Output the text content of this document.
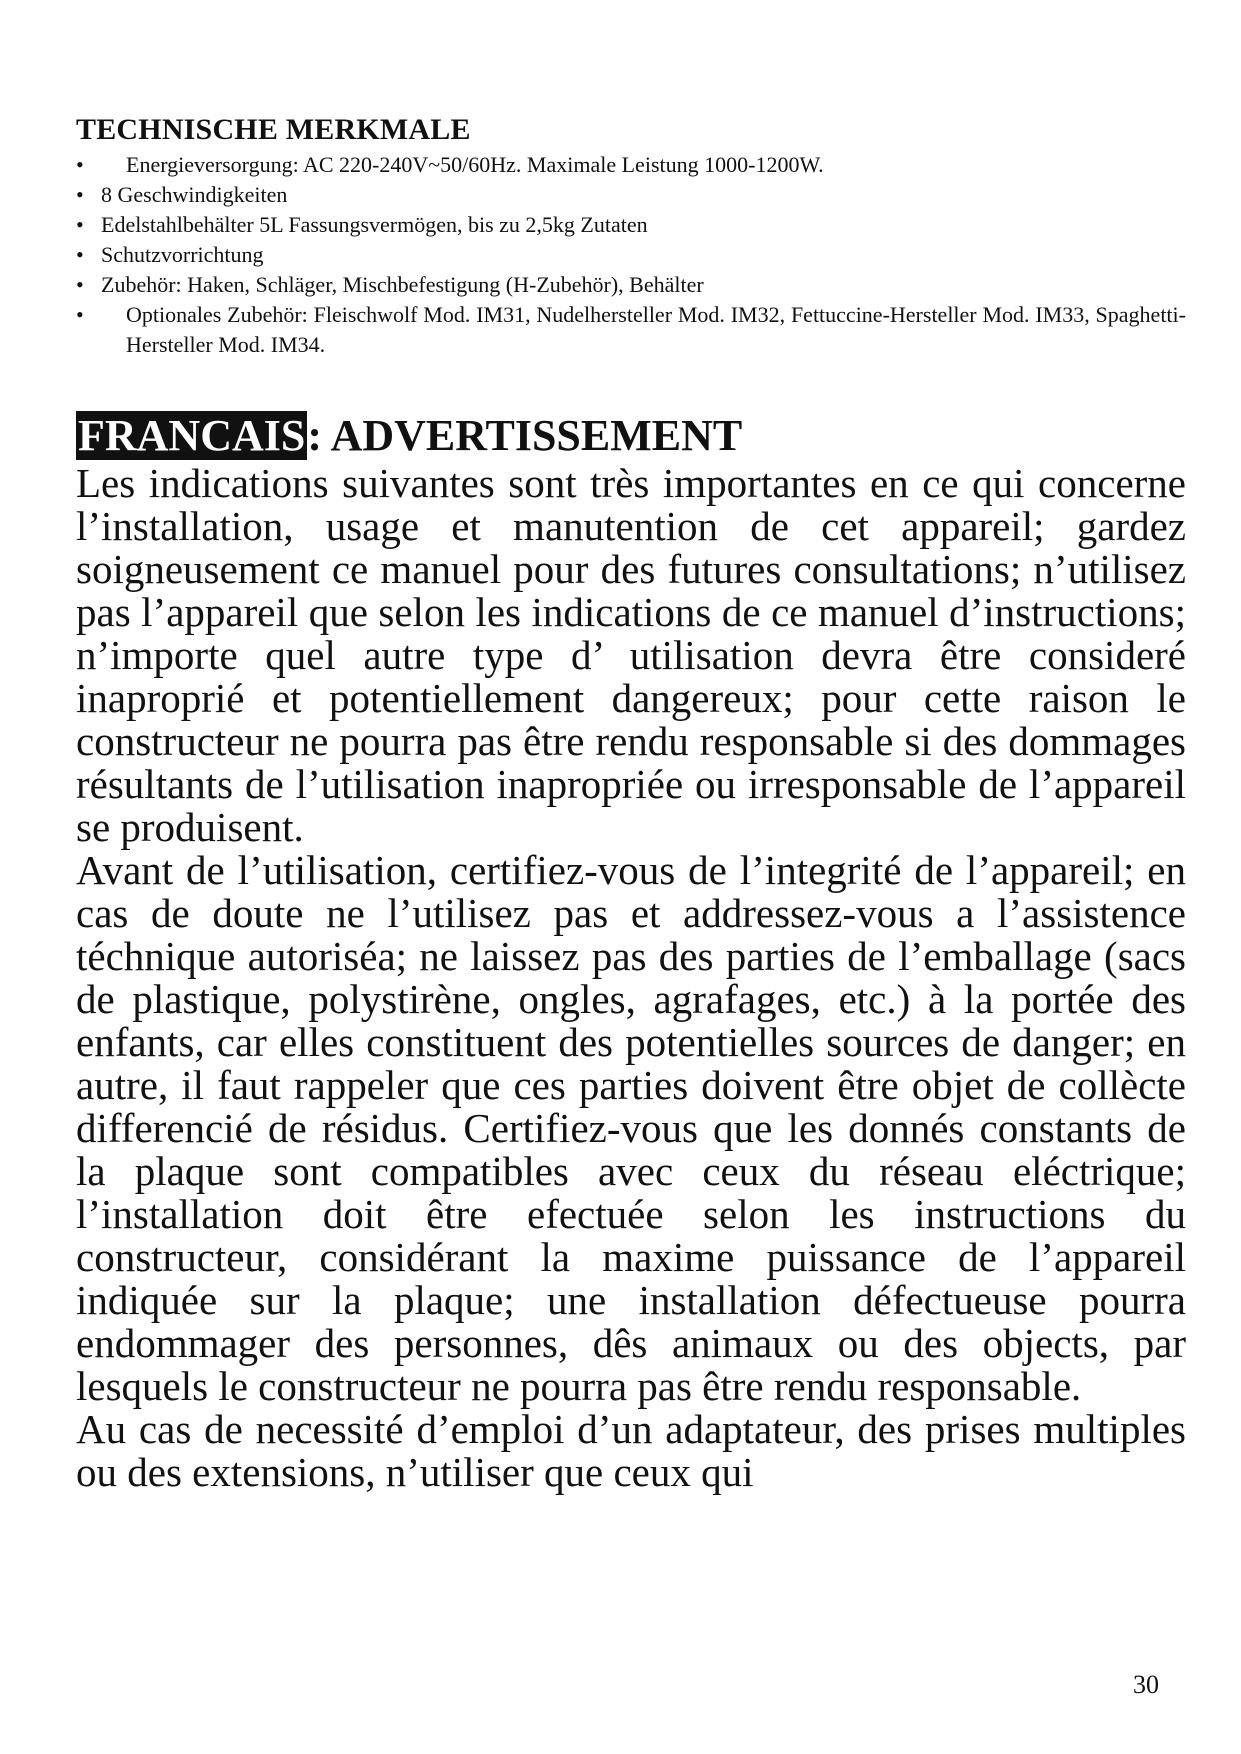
TECHNISCHE MERKMALE
• Energieversorgung: AC 220-240V~50/60Hz. Maximale Leistung 1000-1200W.
• 8 Geschwindigkeiten
• Edelstahlbehälter 5L Fassungsvermögen, bis zu 2,5kg Zutaten
• Schutzvorrichtung
• Zubehör: Haken, Schläger, Mischbefestigung (H-Zubehör), Behälter
• Optionales Zubehör: Fleischwolf Mod. IM31, Nudelhersteller Mod. IM32, Fettuccine-Hersteller Mod. IM33, Spaghetti-Hersteller Mod. IM34.
FRANCAIS: ADVERTISSEMENT

Les indications suivantes sont très importantes en ce qui concerne l’installation, usage et manutention de cet appareil; gardez soigneusement ce manuel pour des futures consultations; n’utilisez pas l’appareil que selon les indications de ce manuel d’instructions; n’importe quel autre type d’ utilisation devra être consideré inaproprié et potentiellement dangereux; pour cette raison le constructeur ne pourra pas être rendu responsable si des dommages résultants de l’utilisation inapropriée ou irresponsable de l’appareil se produisent.

Avant de l’utilisation, certifiez-vous de l’integrité de l’appareil; en cas de doute ne l’utilisez pas et addressez-vous a l’assistence téchnique autoriséa; ne laissez pas des parties de l’emballage (sacs de plastique, polystirène, ongles, agrafages, etc.) à la portée des enfants, car elles constituent des potentielles sources de danger; en autre, il faut rappeler que ces parties doivent être objet de collècte differencié de résidus. Certifiez-vous que les donnés constants de la plaque sont compatibles avec ceux du réseau eléctrique; l’installation doit être efectuée selon les instructions du constructeur, considérant la maxime puissance de l’appareil indiquée sur la plaque; une installation défectueuse pourra endommager des personnes, dês animaux ou des objects, par lesquels le constructeur ne pourra pas être rendu responsable.

Au cas de necessité d’emploi d’un adaptateur, des prises multiples ou des extensions, n’utiliser que ceux qui

30
